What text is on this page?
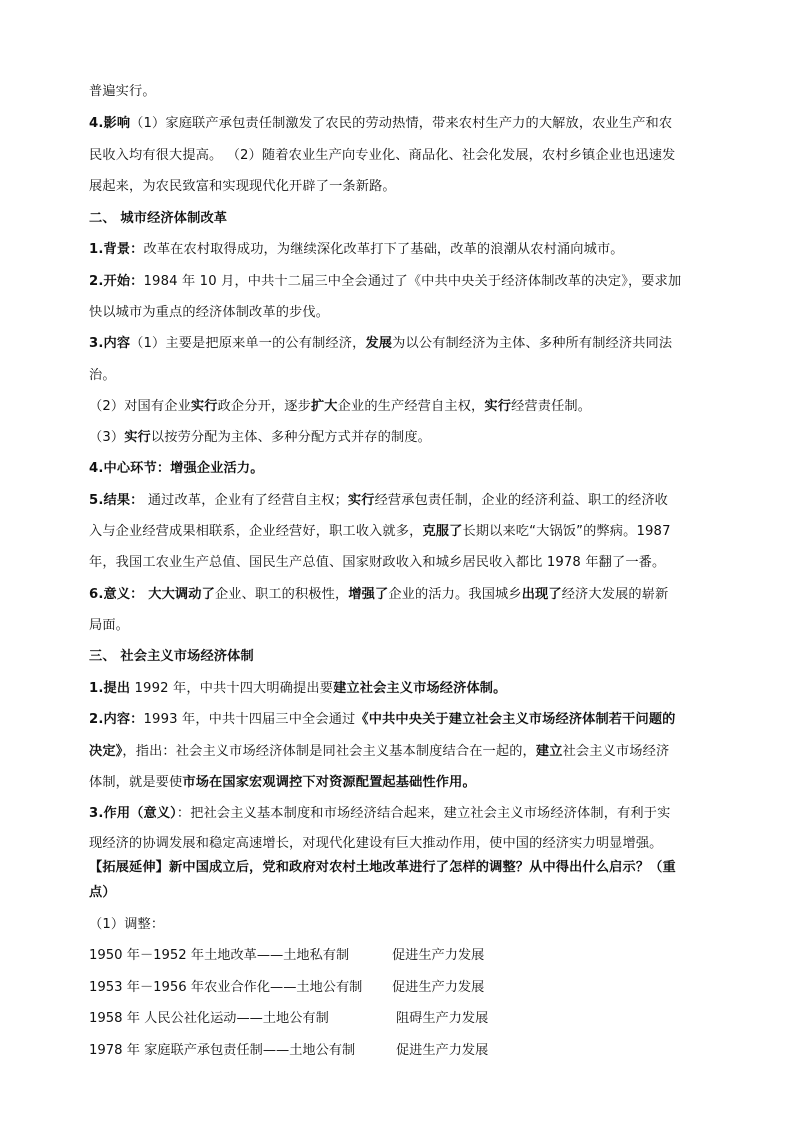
普遍实行。
4.影响（1）家庭联产承包责任制激发了农民的劳动热情，带来农村生产力的大解放，农业生产和农
民收入均有很大提高。 （2）随着农业生产向专业化、商品化、社会化发展，农村乡镇企业也迅速发
展起来，为农民致富和实现现代化开辟了一条新路。
二、 城市经济体制改革
1.背景：改革在农村取得成功，为继续深化改革打下了基础，改革的浪潮从农村涌向城市。
2.开始：1984 年 10 月，中共十二届三中全会通过了《中共中央关于经济体制改革的决定》，要求加
快以城市为重点的经济体制改革的步伐。
3.内容（1）主要是把原来单一的公有制经济，发展为以公有制经济为主体、多种所有制经济共同法
治。
（2）对国有企业实行政企分开，逐步扩大企业的生产经营自主权，实行经营责任制。
（3）实行以按劳分配为主体、多种分配方式并存的制度。
4.中心环节：增强企业活力。
5.结果： 通过改革，企业有了经营自主权；实行经营承包责任制，企业的经济利益、职工的经济收
入与企业经营成果相联系，企业经营好，职工收入就多，克服了长期以来吃“大锅饭”的弊病。1987
年，我国工农业生产总值、国民生产总值、国家财政收入和城乡居民收入都比 1978 年翻了一番。
6.意义： 大大调动了企业、职工的积极性，增强了企业的活力。我国城乡出现了经济大发展的崭新
局面。
三、 社会主义市场经济体制
1.提出 1992 年，中共十四大明确提出要建立社会主义市场经济体制。
2.内容：1993 年，中共十四届三中全会通过《中共中央关于建立社会主义市场经济体制若干问题的
决定》，指出：社会主义市场经济体制是同社会主义基本制度结合在一起的，建立社会主义市场经济
体制，就是要使市场在国家宏观调控下对资源配置起基础性作用。
3.作用（意义）：把社会主义基本制度和市场经济结合起来，建立社会主义市场经济体制，有利于实
现经济的协调发展和稳定高速增长，对现代化建设有巨大推动作用，使中国的经济实力明显增强。
【拓展延伸】新中国成立后，党和政府对农村土地改革进行了怎样的调整？从中得出什么启示？（重
点）
（1）调整：
1950 年－1952 年土地改革——土地私有制	促进生产力发展
1953 年－1956 年农业合作化——土地公有制 促进生产力发展
1958 年 人民公社化运动——土地公有制	阻碍生产力发展
1978 年 家庭联产承包责任制——土地公有制	促进生产力发展
